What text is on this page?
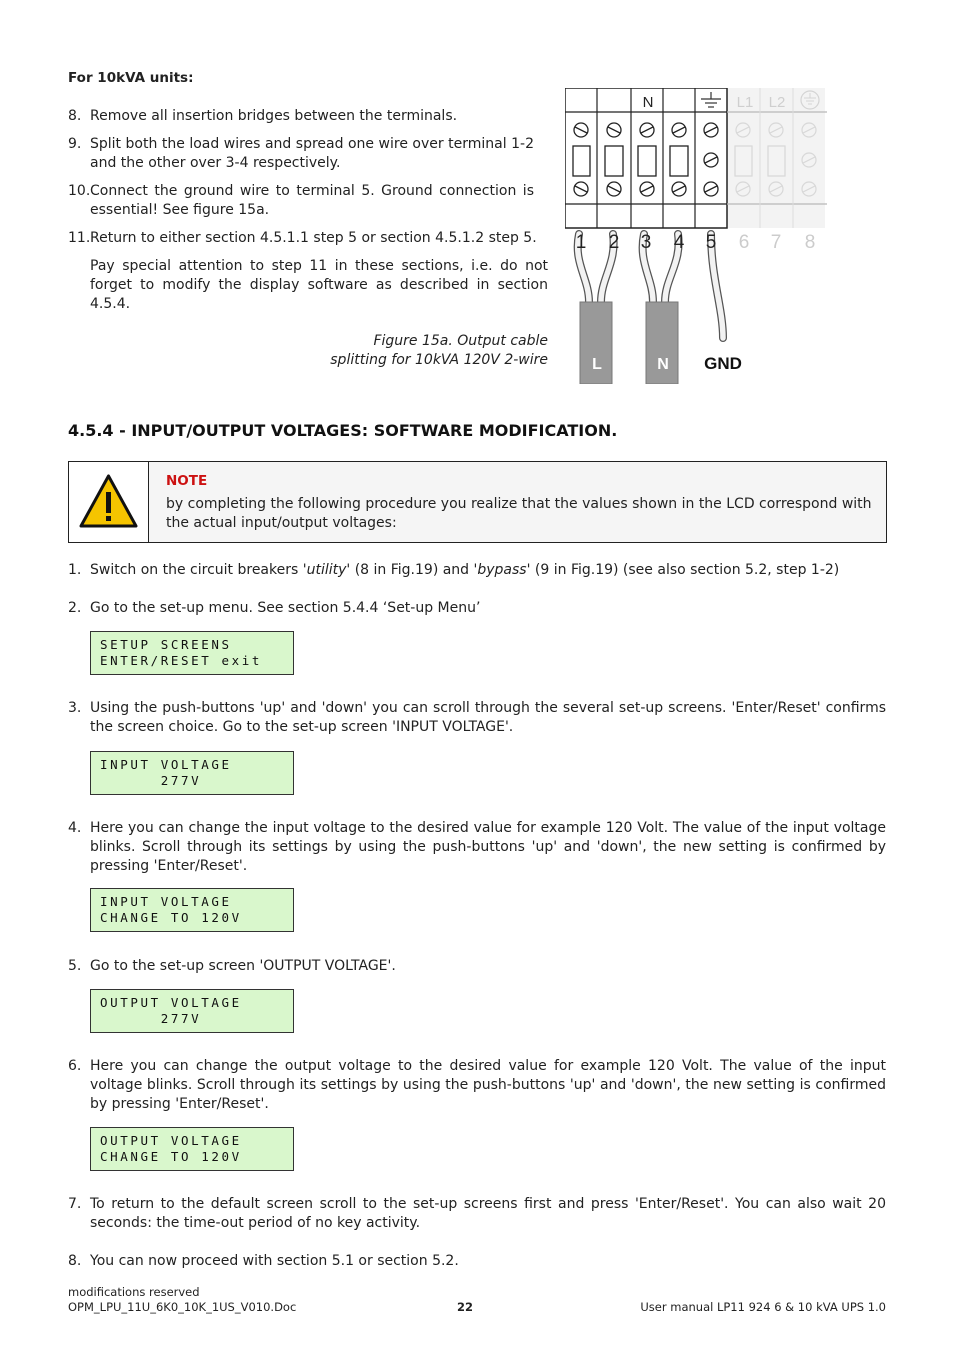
For 10kVA units:
8. Remove all insertion bridges between the terminals.
9. Split both the load wires and spread one wire over terminal 1-2 and the other over 3-4 respectively.
10. Connect the ground wire to terminal 5. Ground connection is essential! See figure 15a.
11. Return to either section 4.5.1.1 step 5 or section 4.5.1.2 step 5.
Pay special attention to step 11 in these sections, i.e. do not forget to modify the display software as described in section 4.5.4.
Figure 15a. Output cable
splitting for 10kVA 120V 2-wire
N	L1 L2
1 2 3 4 5 6 7 8
L	N GND
4.5.4 - INPUT/OUTPUT VOLTAGES: SOFTWARE MODIFICATION.
NOTE
by completing the following procedure you realize that the values shown in the LCD correspond with the actual input/output voltages:
1. Switch on the circuit breakers 'utility' (8 in Fig.19) and 'bypass' (9 in Fig.19) (see also section 5.2, step 1-2)
2. Go to the set-up menu. See section 5.4.4 ‘Set-up Menu’
SETUP SCREENS
ENTER/RESET exit
3. Using the push-buttons 'up' and 'down' you can scroll through the several set-up screens. 'Enter/Reset' confirms the screen choice. Go to the set-up screen 'INPUT VOLTAGE'.
INPUT VOLTAGE
277V
4. Here you can change the input voltage to the desired value for example 120 Volt. The value of the input voltage blinks. Scroll through its settings by using the push-buttons 'up' and 'down', the new setting is confirmed by pressing 'Enter/Reset'.
INPUT VOLTAGE
CHANGE TO 120V
5. Go to the set-up screen 'OUTPUT VOLTAGE'.
OUTPUT VOLTAGE
277V
6. Here you can change the output voltage to the desired value for example 120 Volt. The value of the input voltage blinks. Scroll through its settings by using the push-buttons 'up' and 'down', the new setting is confirmed by pressing 'Enter/Reset'.
OUTPUT VOLTAGE
CHANGE TO 120V
7. To return to the default screen scroll to the set-up screens first and press 'Enter/Reset'. You can also wait 20 seconds: the time-out period of no key activity.
8. You can now proceed with section 5.1 or section 5.2.
modifications reserved
OPM_LPU_11U_6K0_10K_1US_V010.Doc	22	User manual LP11 924 6 & 10 kVA UPS 1.0
